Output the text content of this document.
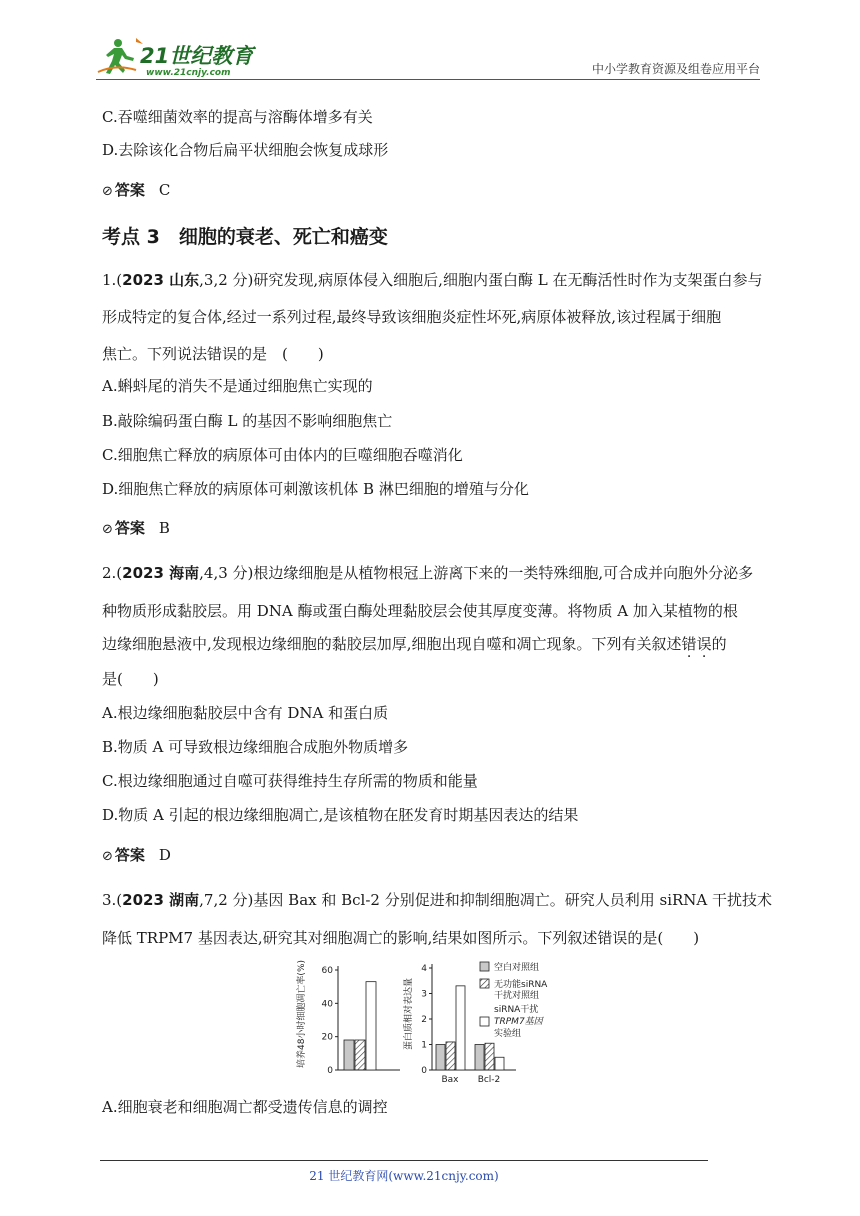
21世纪教育
www.21cnjy.com	中小学教育资源及组卷应用平台
C.吞噬细菌效率的提高与溶酶体增多有关
D.去除该化合物后扁平状细胞会恢复成球形
⊘ 答案 C
考点 3　细胞的衰老、死亡和癌变
1.(2023 山东,3,2 分)研究发现,病原体侵入细胞后,细胞内蛋白酶 L 在无酶活性时作为支架蛋白参与
形成特定的复合体,经过一系列过程,最终导致该细胞炎症性坏死,病原体被释放,该过程属于细胞
焦亡。下列说法错误的是　(　　)
A.蝌蚪尾的消失不是通过细胞焦亡实现的
B.敲除编码蛋白酶 L 的基因不影响细胞焦亡
C.细胞焦亡释放的病原体可由体内的巨噬细胞吞噬消化
D.细胞焦亡释放的病原体可刺激该机体 B 淋巴细胞的增殖与分化
⊘ 答案 B
2.(2023 海南,4,3 分)根边缘细胞是从植物根冠上游离下来的一类特殊细胞,可合成并向胞外分泌多
种物质形成黏胶层。用 DNA 酶或蛋白酶处理黏胶层会使其厚度变薄。将物质 A 加入某植物的根
边缘细胞悬液中,发现根边缘细胞的黏胶层加厚,细胞出现自噬和凋亡现象。下列有关叙述错误的
是(　　)
A.根边缘细胞黏胶层中含有 DNA 和蛋白质
B.物质 A 可导致根边缘细胞合成胞外物质增多
C.根边缘细胞通过自噬可获得维持生存所需的物质和能量
D.物质 A 引起的根边缘细胞凋亡,是该植物在胚发育时期基因表达的结果
⊘ 答案 D
3.(2023 湖南,7,2 分)基因 Bax 和 Bcl-2 分别促进和抑制细胞凋亡。研究人员利用 siRNA 干扰技术
降低 TRPM7 基因表达,研究其对细胞凋亡的影响,结果如图所示。下列叙述错误的是(　　)
培养48小时细胞凋亡率(%)
0
20
40
60
蛋白质相对表达量
0
1
2
3
4
Bax Bcl-2
空白对照组
无功能siRNA
干扰对照组
siRNA干扰
TRPM7基因
实验组
A.细胞衰老和细胞凋亡都受遗传信息的调控
21 世纪教育网(www.21cnjy.com)
